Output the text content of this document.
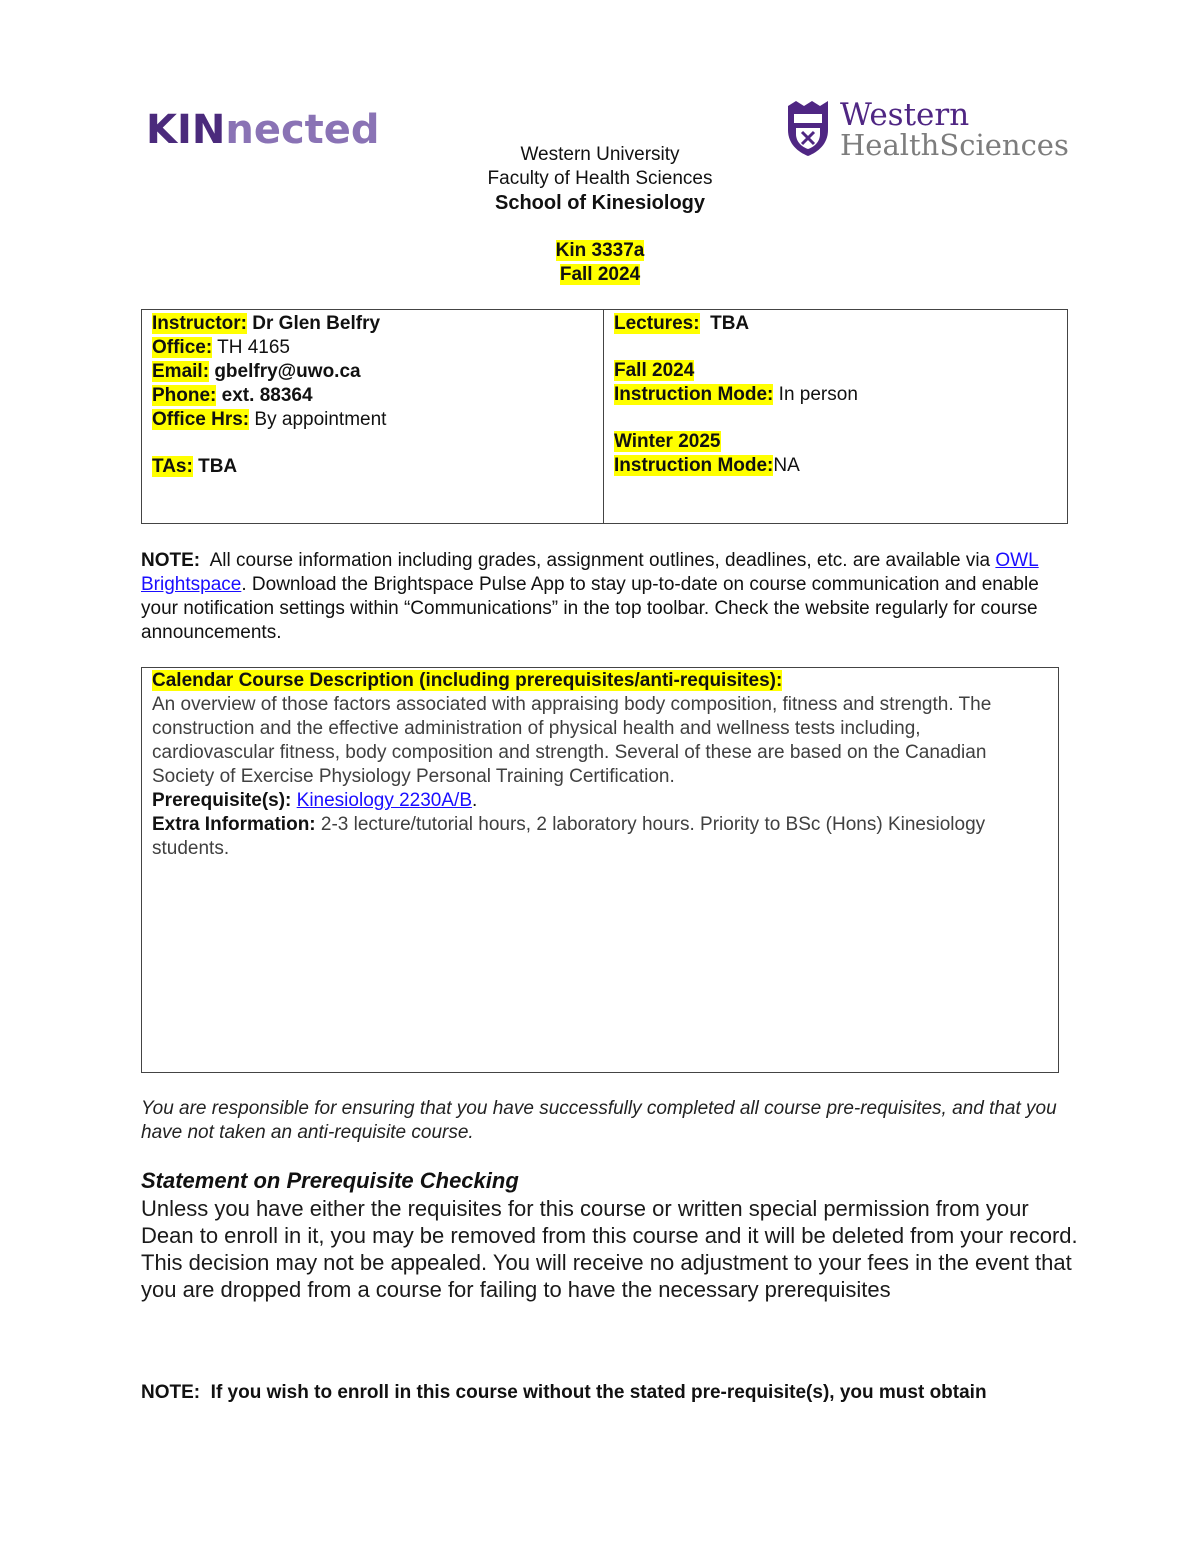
KINnected	Western
HealthSciences
Western University
Faculty of Health Sciences
School of Kinesiology
Kin 3337a
Fall 2024
Instructor: Dr Glen Belfry
Office: TH 4165
Email: gbelfry@uwo.ca
Phone: ext. 88364
Office Hrs: By appointment
TAs: TBA
Lectures: TBA
Fall 2024
Instruction Mode: In person
Winter 2025
Instruction Mode:NA
NOTE: All course information including grades, assignment outlines, deadlines, etc. are available via OWL Brightspace. Download the Brightspace Pulse App to stay up-to-date on course communication and enable your notification settings within “Communications” in the top toolbar. Check the website regularly for course announcements.
Calendar Course Description (including prerequisites/anti-requisites):
An overview of those factors associated with appraising body composition, fitness and strength. The construction and the effective administration of physical health and wellness tests including, cardiovascular fitness, body composition and strength. Several of these are based on the Canadian Society of Exercise Physiology Personal Training Certification.
Prerequisite(s): Kinesiology 2230A/B.
Extra Information: 2-3 lecture/tutorial hours, 2 laboratory hours. Priority to BSc (Hons) Kinesiology students.
You are responsible for ensuring that you have successfully completed all course pre-requisites, and that you have not taken an anti-requisite course.
Statement on Prerequisite Checking
Unless you have either the requisites for this course or written special permission from your Dean to enroll in it, you may be removed from this course and it will be deleted from your record. This decision may not be appealed. You will receive no adjustment to your fees in the event that you are dropped from a course for failing to have the necessary prerequisites
NOTE:  If you wish to enroll in this course without the stated pre-requisite(s), you must obtain
